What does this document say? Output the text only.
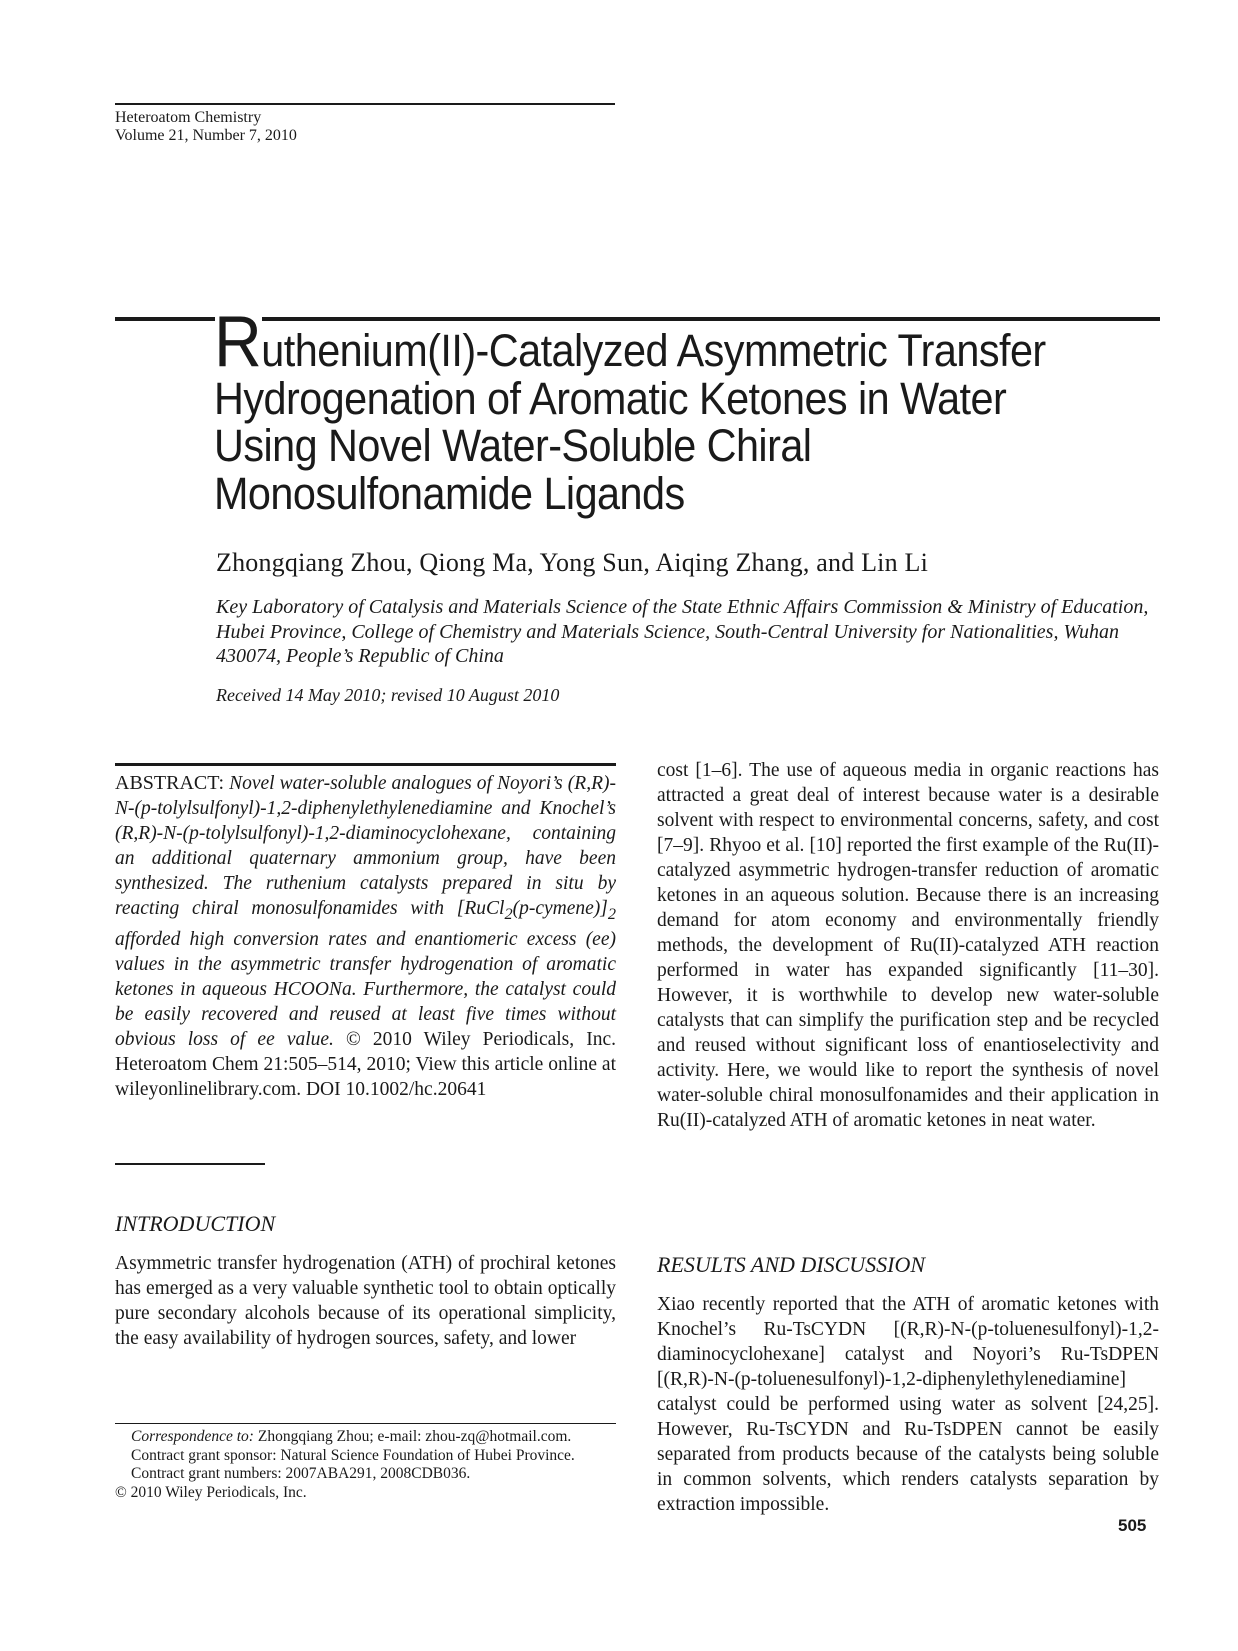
Heteroatom Chemistry
Volume 21, Number 7, 2010
Ruthenium(II)-Catalyzed Asymmetric Transfer
Hydrogenation of Aromatic Ketones in Water
Using Novel Water-Soluble Chiral
Monosulfonamide Ligands
Zhongqiang Zhou, Qiong Ma, Yong Sun, Aiqing Zhang, and Lin Li
Key Laboratory of Catalysis and Materials Science of the State Ethnic Affairs Commission & Ministry of Education, Hubei Province, College of Chemistry and Materials Science, South-Central University for Nationalities, Wuhan 430074, People’s Republic of China
Received 14 May 2010; revised 10 August 2010
ABSTRACT: Novel water-soluble analogues of Noyori’s (R,R)-N-(p-tolylsulfonyl)-1,2-diphenylethylenediamine and Knochel’s (R,R)-N-(p-tolylsulfonyl)-1,2-diaminocyclohexane, containing an additional quaternary ammonium group, have been synthesized. The ruthenium catalysts prepared in situ by reacting chiral monosulfonamides with $[RuCl_2(p-cymene)]_2$ afforded high conversion rates and enantiomeric excess (ee) values in the asymmetric transfer hydrogenation of aromatic ketones in aqueous HCOONa. Furthermore, the catalyst could be easily recovered and reused at least five times without obvious loss of ee value. © 2010 Wiley Periodicals, Inc. Heteroatom Chem 21:505–514, 2010; View this article online at wileyonlinelibrary.com. DOI 10.1002/hc.20641
INTRODUCTION

Asymmetric transfer hydrogenation (ATH) of prochiral ketones has emerged as a very valuable synthetic tool to obtain optically pure secondary alcohols because of its operational simplicity, the easy availability of hydrogen sources, safety, and lower

Correspondence to: Zhongqiang Zhou; e-mail: zhou-zq@hotmail.com.

Contract grant sponsor: Natural Science Foundation of Hubei Province.

Contract grant numbers: 2007ABA291, 2008CDB036.

© 2010 Wiley Periodicals, Inc.

cost [1–6]. The use of aqueous media in organic reactions has attracted a great deal of interest because water is a desirable solvent with respect to environmental concerns, safety, and cost [7–9]. Rhyoo et al. [10] reported the first example of the Ru(II)-catalyzed asymmetric hydrogen-transfer reduction of aromatic ketones in an aqueous solution. Because there is an increasing demand for atom economy and environmentally friendly methods, the development of Ru(II)-catalyzed ATH reaction performed in water has expanded significantly [11–30]. However, it is worthwhile to develop new water-soluble catalysts that can simplify the purification step and be recycled and reused without significant loss of enantioselectivity and activity. Here, we would like to report the synthesis of novel water-soluble chiral monosulfonamides and their application in Ru(II)-catalyzed ATH of aromatic ketones in neat water.

RESULTS AND DISCUSSION

Xiao recently reported that the ATH of aromatic ketones with Knochel’s Ru-TsCYDN [(R,R)-N-(p-toluenesulfonyl)-1,2-diaminocyclohexane] catalyst and Noyori’s Ru-TsDPEN [(R,R)-N-(p-toluenesulfonyl)-1,2-diphenylethylenediamine] catalyst could be performed using water as solvent [24,25]. However, Ru-TsCYDN and Ru-TsDPEN cannot be easily separated from products because of the catalysts being soluble in common solvents, which renders catalysts separation by extraction impossible.

505
